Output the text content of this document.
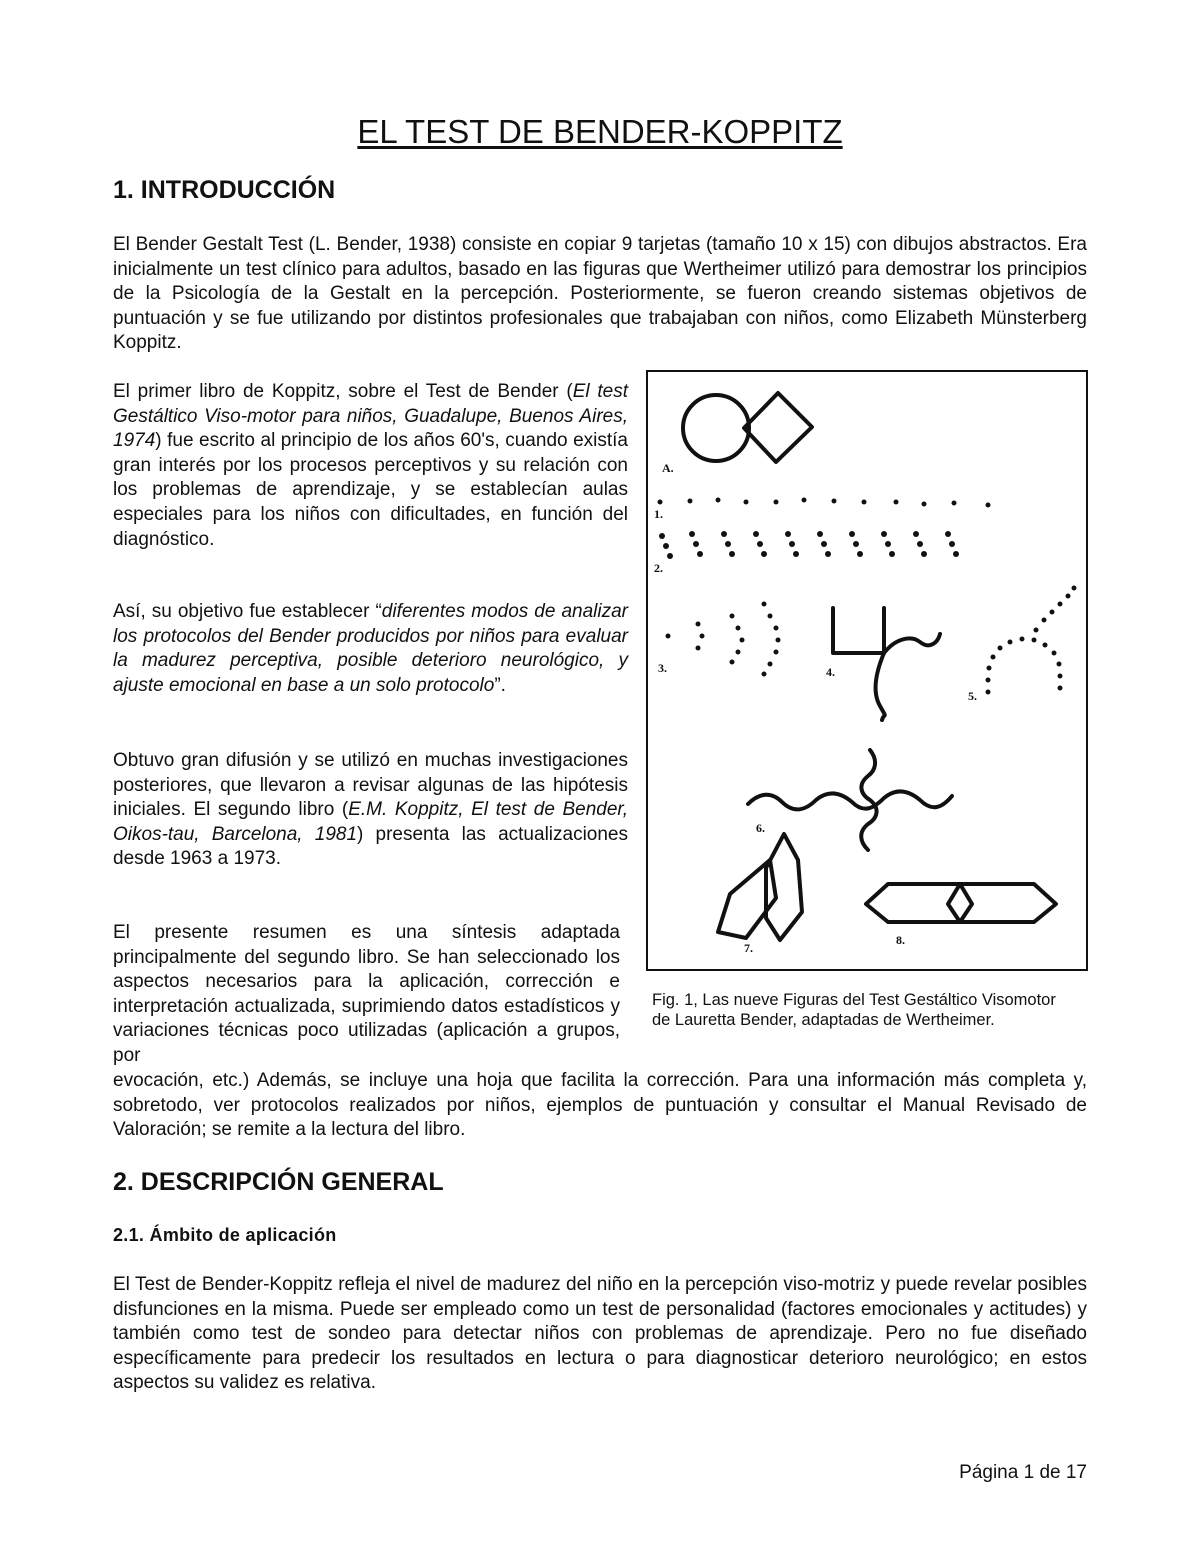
EL TEST DE BENDER-KOPPITZ
1. INTRODUCCIÓN

El Bender Gestalt Test (L. Bender, 1938) consiste en copiar 9 tarjetas (tamaño 10 x 15) con dibujos abstractos. Era inicialmente un test clínico para adultos, basado en las figuras que Wertheimer utilizó para demostrar los principios de la Psicología de la Gestalt en la percepción. Posteriormente, se fueron creando sistemas objetivos de puntuación y se fue utilizando por distintos profesionales que trabajaban con niños, como Elizabeth Münsterberg Koppitz.

El primer libro de Koppitz, sobre el Test de Bender (El test Gestáltico Viso-motor para niños, Guadalupe, Buenos Aires, 1974) fue escrito al principio de los años 60's, cuando existía gran interés por los procesos perceptivos y su relación con los problemas de aprendizaje, y se establecían aulas especiales para los niños con dificultades, en función del diagnóstico.

Así, su objetivo fue establecer “diferentes modos de analizar los protocolos del Bender producidos por niños para evaluar la madurez perceptiva, posible deterioro neurológico, y ajuste emocional en base a un solo protocolo”.

Obtuvo gran difusión y se utilizó en muchas investigaciones posteriores, que llevaron a revisar algunas de las hipótesis iniciales. El segundo libro (E.M. Koppitz, El test de Bender, Oikos-tau, Barcelona, 1981) presenta las actualizaciones desde 1963 a 1973.

El presente resumen es una síntesis adaptada principalmente del segundo libro. Se han seleccionado los aspectos necesarios para la aplicación, corrección e interpretación actualizada, suprimiendo datos estadísticos y variaciones técnicas poco utilizadas (aplicación a grupos, por

evocación, etc.) Además, se incluye una hoja que facilita la corrección. Para una información más completa y, sobretodo, ver protocolos realizados por niños, ejemplos de puntuación y consultar el Manual Revisado de Valoración; se remite a la lectura del libro.

A.
1.
2.
3.	4.
5.
6.
7.
8.

Fig. 1, Las nueve Figuras del Test Gestáltico Visomotor de Lauretta Bender, adaptadas de Wertheimer.

2. DESCRIPCIÓN GENERAL
2.1. Ámbito de aplicación

El Test de Bender-Koppitz refleja el nivel de madurez del niño en la percepción viso-motriz y puede revelar posibles disfunciones en la misma. Puede ser empleado como un test de personalidad (factores emocionales y actitudes) y también como test de sondeo para detectar niños con problemas de aprendizaje. Pero no fue diseñado específicamente para predecir los resultados en lectura o para diagnosticar deterioro neurológico; en estos aspectos su validez es relativa.

Página 1 de 17
